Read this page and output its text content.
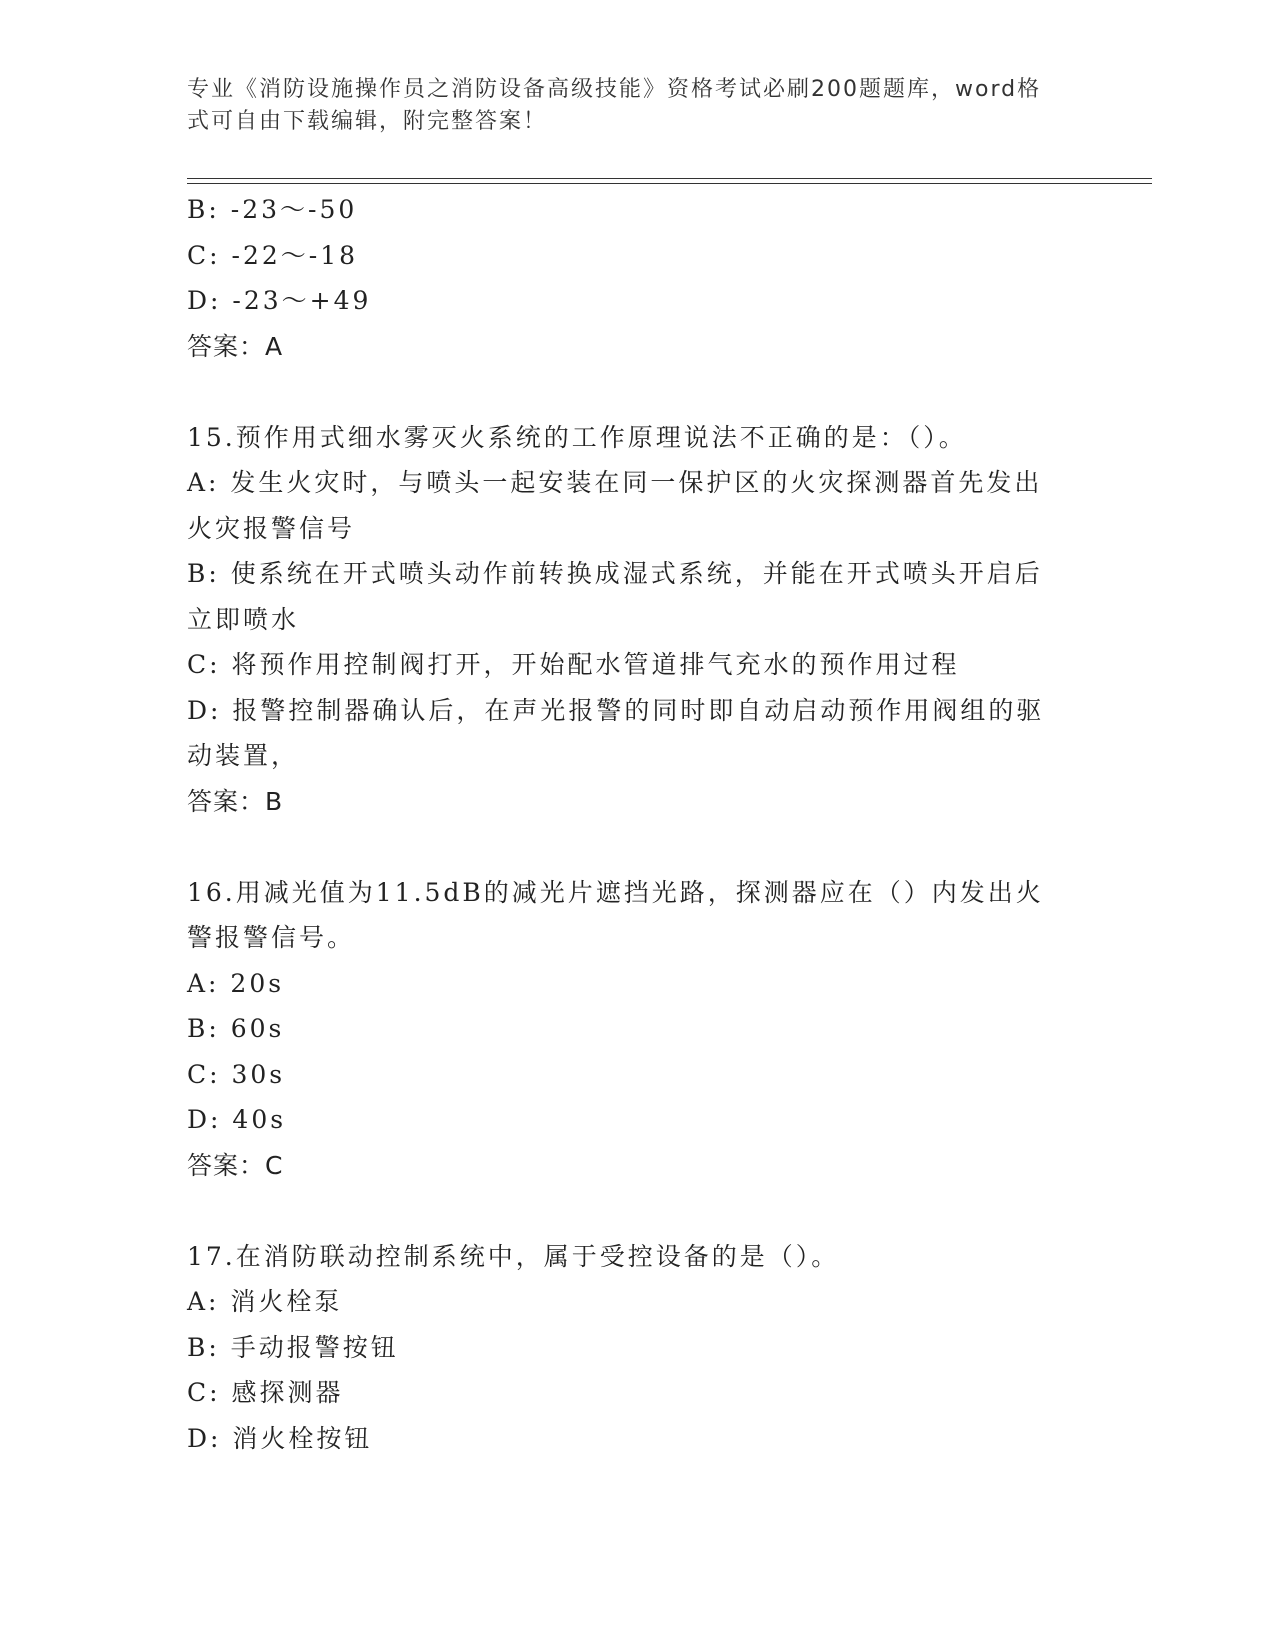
专业《消防设施操作员之消防设备高级技能》资格考试必刷200题题库，word格
式可自由下载编辑，附完整答案！

B: -23～-50

C: -22～-18

D: -23～+49

答案：A

15.预作用式细水雾灭火系统的工作原理说法不正确的是：（）。

A: 发生火灾时，与喷头一起安装在同一保护区的火灾探测器首先发出

火灾报警信号

B: 使系统在开式喷头动作前转换成湿式系统，并能在开式喷头开启后

立即喷水

C: 将预作用控制阀打开，开始配水管道排气充水的预作用过程

D: 报警控制器确认后，在声光报警的同时即自动启动预作用阀组的驱

动装置，

答案：B

16.用减光值为11.5dB的减光片遮挡光路，探测器应在（）内发出火

警报警信号。

A: 20s

B: 60s

C: 30s

D: 40s

答案：C

17.在消防联动控制系统中，属于受控设备的是（）。

A: 消火栓泵

B: 手动报警按钮

C: 感探测器

D: 消火栓按钮
